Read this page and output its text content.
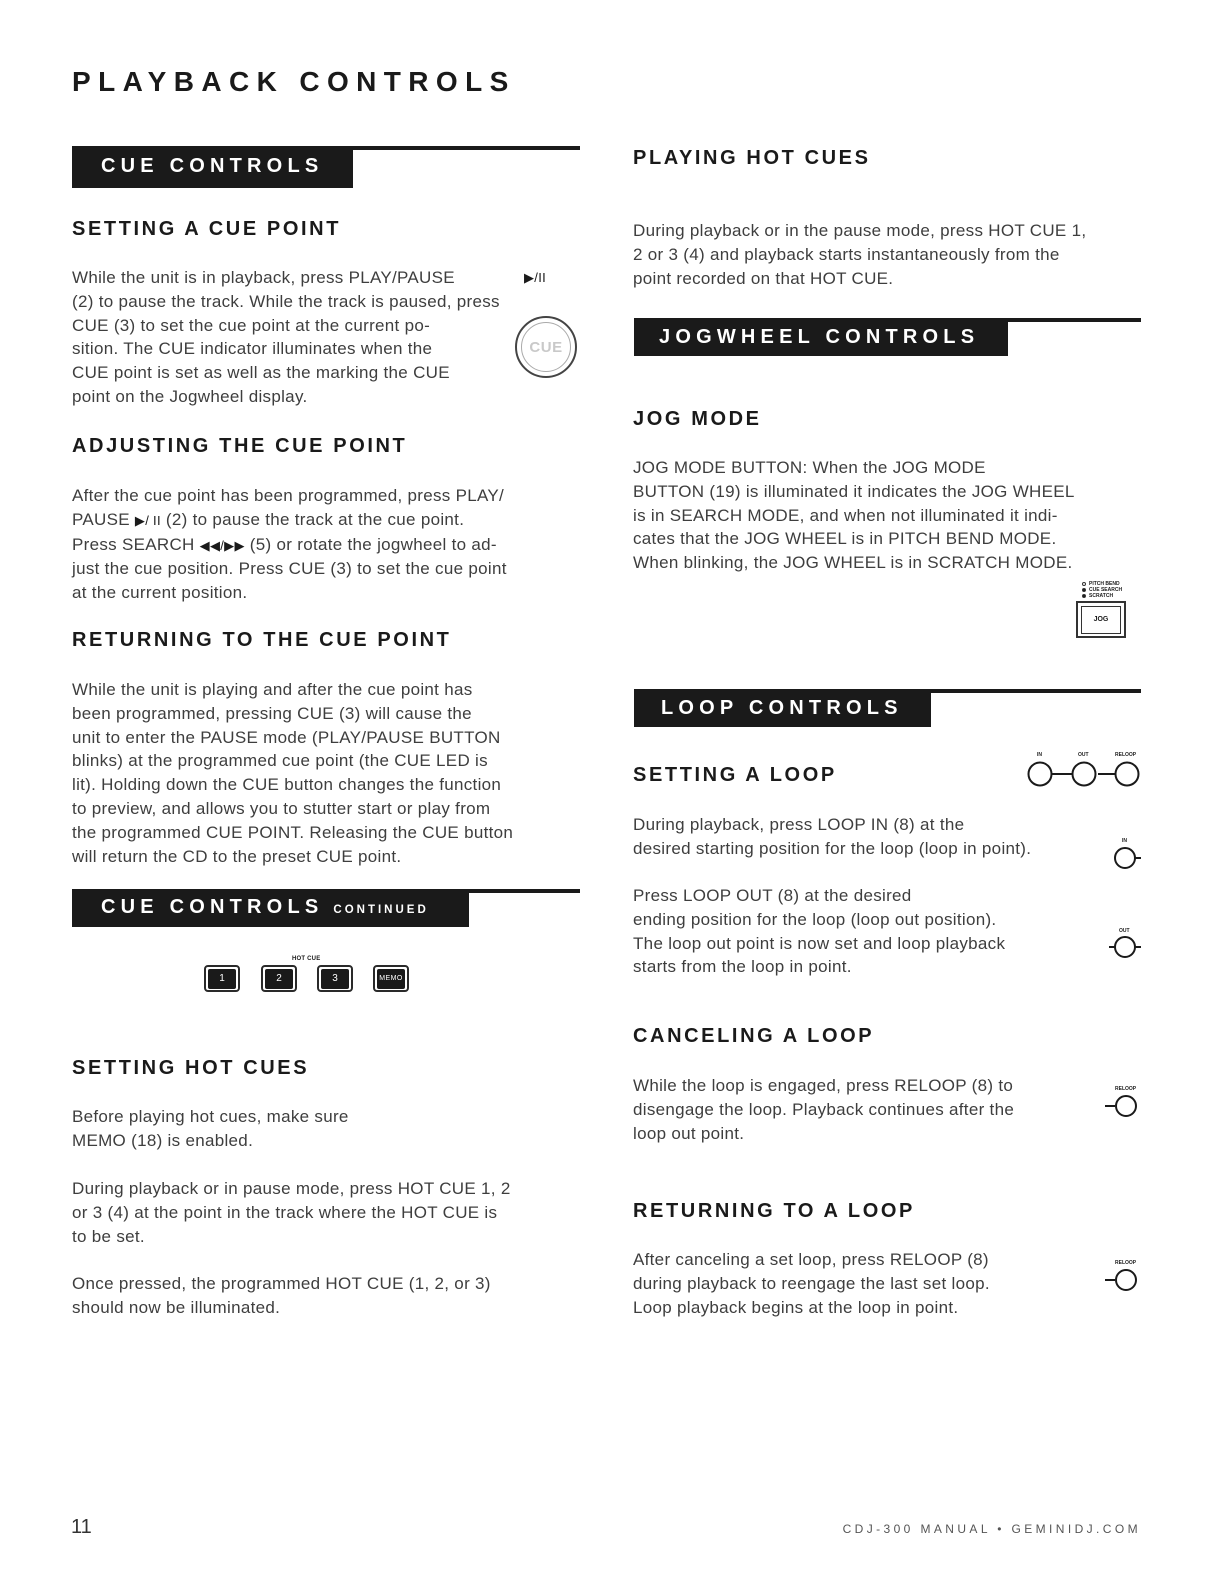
PLAYBACK CONTROLS
CUE CONTROLS
SETTING A CUE POINT
While the unit is in playback, press PLAY/PAUSE	▶/II
(2) to pause the track. While the track is paused, press
CUE (3) to set the cue point at the current po-
sition. The CUE indicator illuminates when the
CUE point is set as well as the marking the CUE
point on the Jogwheel display.
CUE
ADJUSTING THE CUE POINT
After the cue point has been programmed, press PLAY/
PAUSE ▶/ II (2) to pause the track at the cue point.
Press SEARCH ◀◀/▶▶ (5) or rotate the jogwheel to ad-
just the cue position. Press CUE (3) to set the cue point
at the current position.
RETURNING TO THE CUE POINT
While the unit is playing and after the cue point has
been programmed, pressing CUE (3) will cause the
unit to enter the PAUSE mode (PLAY/PAUSE BUTTON
blinks) at the programmed cue point (the CUE LED is
lit). Holding down the CUE button changes the function
to preview, and allows you to stutter start or play from
the programmed CUE POINT. Releasing the CUE button
will return the CD to the preset CUE point.
CUE CONTROLS CONTINUED
HOT CUE
1	2	3	MEMO
SETTING HOT CUES
Before playing hot cues, make sure
MEMO (18) is enabled.
During playback or in pause mode, press HOT CUE 1, 2
or 3 (4) at the point in the track where the HOT CUE is
to be set.
Once pressed, the programmed HOT CUE (1, 2, or 3)
should now be illuminated.
PLAYING HOT CUES
During playback or in the pause mode, press HOT CUE 1,
2 or 3 (4) and playback starts instantaneously from the
point recorded on that HOT CUE.
JOGWHEEL CONTROLS
JOG MODE
JOG MODE BUTTON: When the JOG MODE
BUTTON (19) is illuminated it indicates the JOG WHEEL
is in SEARCH MODE, and when not illuminated it indi-
cates that the JOG WHEEL is in PITCH BEND MODE.
When blinking, the JOG WHEEL is in SCRATCH MODE.
PITCH BEND
CUE SEARCH
SCRATCH
JOG
LOOP CONTROLS
SETTING A LOOP
IN	OUT	RELOOP
During playback, press LOOP IN (8) at the
desired starting position for the loop (loop in point).	IN
Press LOOP OUT (8) at the desired
ending position for the loop (loop out position).
The loop out point is now set and loop playback
starts from the loop in point.
OUT
CANCELING A LOOP
While the loop is engaged, press RELOOP (8) to
disengage the loop. Playback continues after the
loop out point.
RELOOP
RETURNING TO A LOOP
After canceling a set loop, press RELOOP (8)
during playback to reengage the last set loop.
Loop playback begins at the loop in point.
RELOOP
11	CDJ-300 MANUAL • GEMINIDJ.COM
